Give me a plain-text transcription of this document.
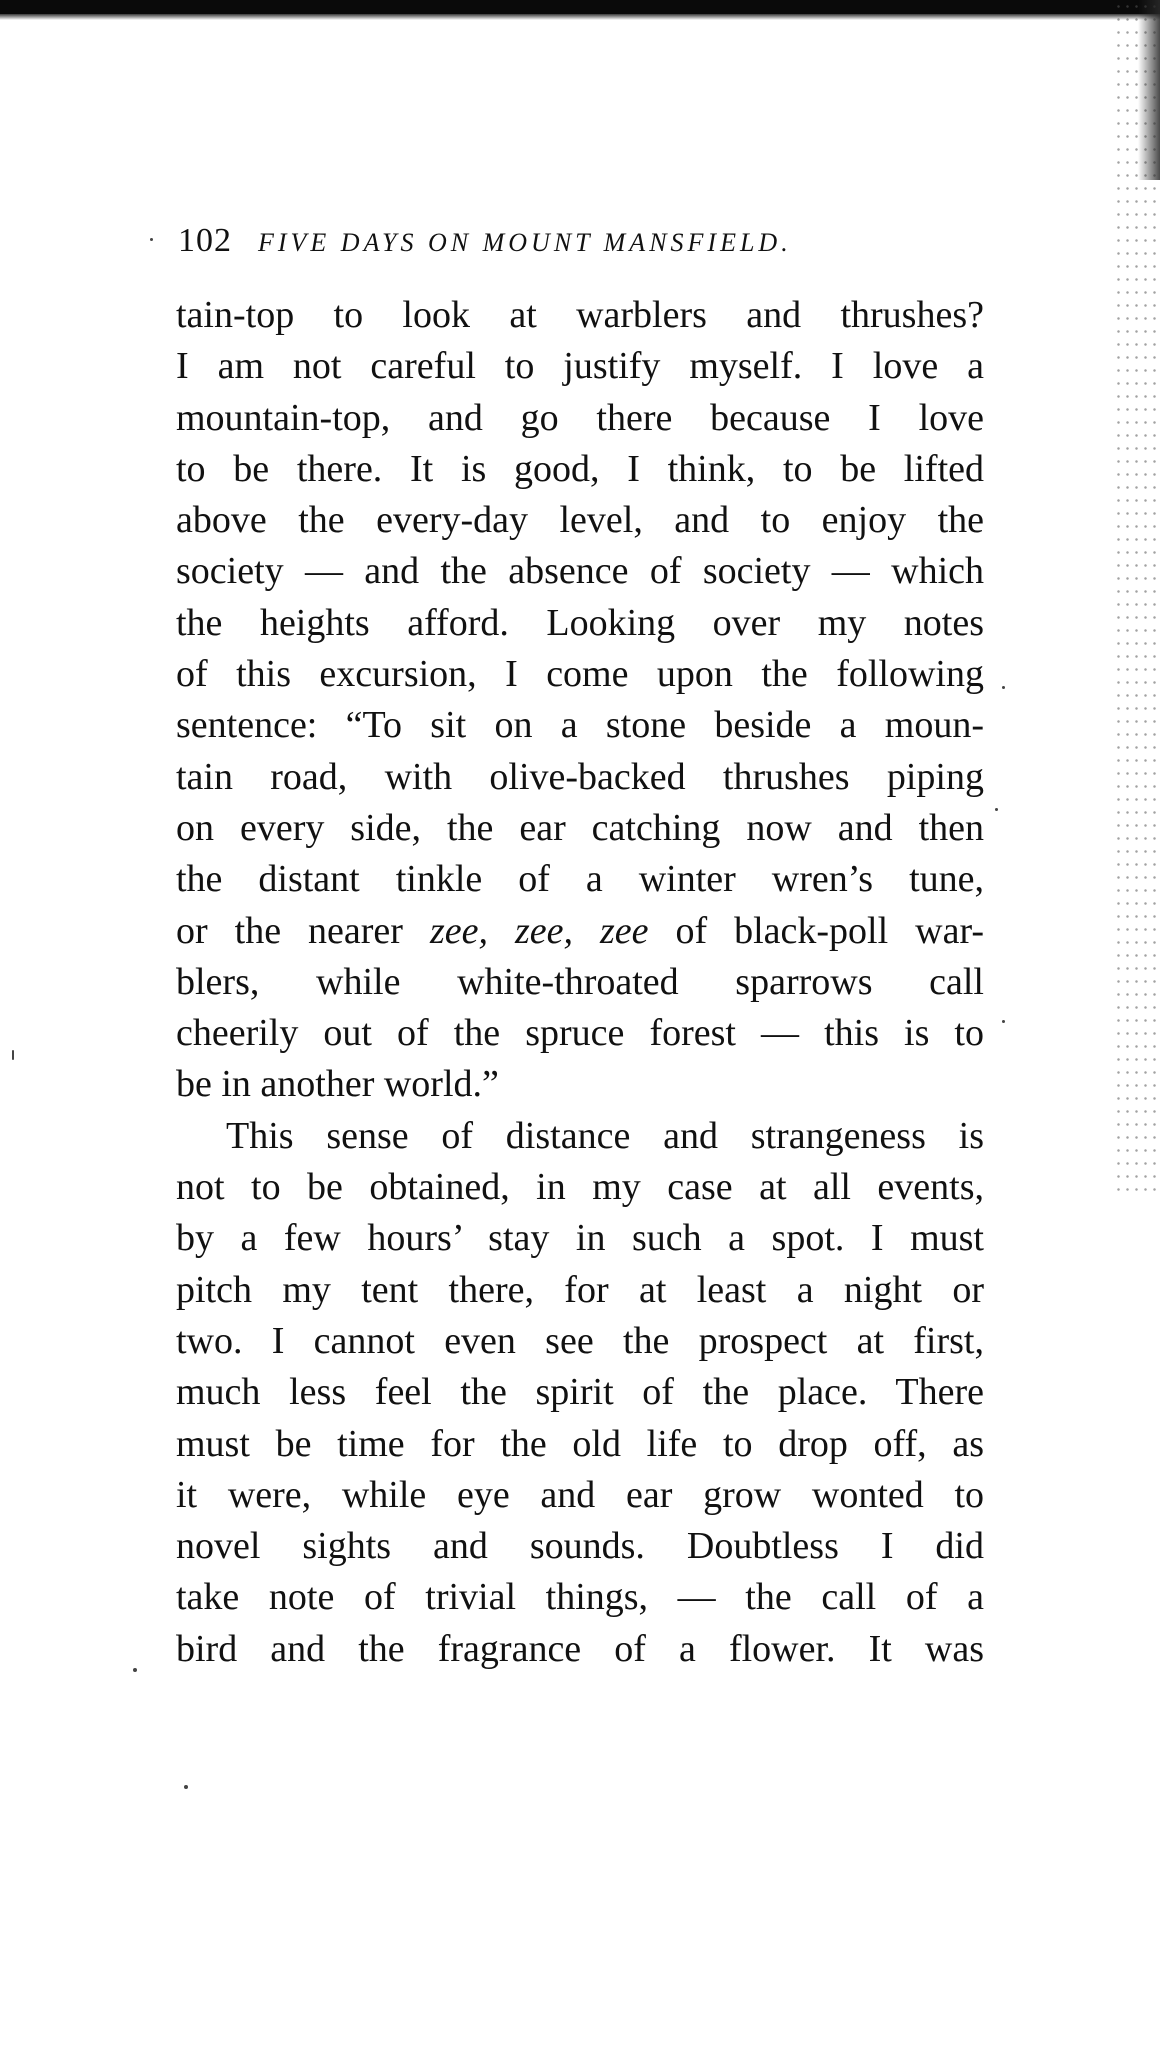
102 FIVE DAYS ON MOUNT MANSFIELD.
tain-top to look at warblers and thrushes?
I am not careful to justify myself. I love a
mountain-top, and go there because I love
to be there. It is good, I think, to be lifted
above the every-day level, and to enjoy the
society — and the absence of society — which
the heights afford. Looking over my notes
of this excursion, I come upon the following
sentence: “To sit on a stone beside a moun-
tain road, with olive-backed thrushes piping
on every side, the ear catching now and then
the distant tinkle of a winter wren’s tune,
or the nearer zee, zee, zee of black-poll war-
blers, while white-throated sparrows call
cheerily out of the spruce forest — this is to
be in another world.”
This sense of distance and strangeness is
not to be obtained, in my case at all events,
by a few hours’ stay in such a spot. I must
pitch my tent there, for at least a night or
two. I cannot even see the prospect at first,
much less feel the spirit of the place. There
must be time for the old life to drop off, as
it were, while eye and ear grow wonted to
novel sights and sounds. Doubtless I did
take note of trivial things, — the call of a
bird and the fragrance of a flower. It was
